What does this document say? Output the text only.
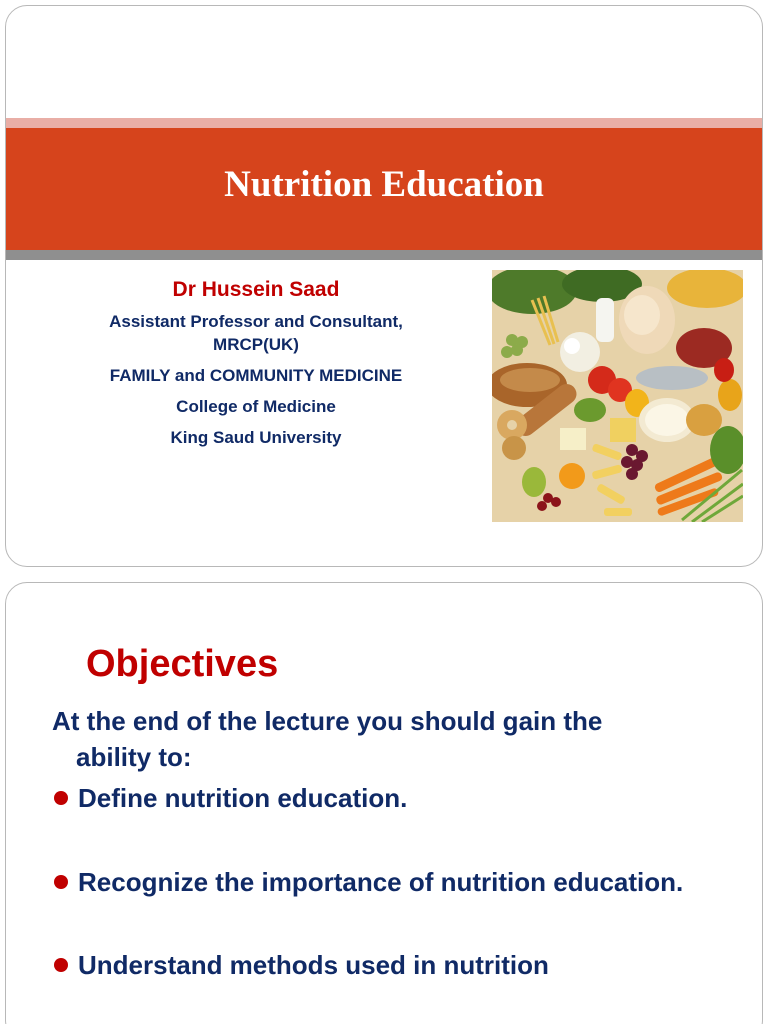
Nutrition Education

Dr Hussein Saad

Assistant Professor and Consultant,

MRCP(UK)

FAMILY and COMMUNITY MEDICINE

College of Medicine

King Saud University

Objectives

At the end of the lecture you should gain the
ability to:

Define nutrition education.
Recognize the importance of nutrition education.
Understand methods used in nutrition
